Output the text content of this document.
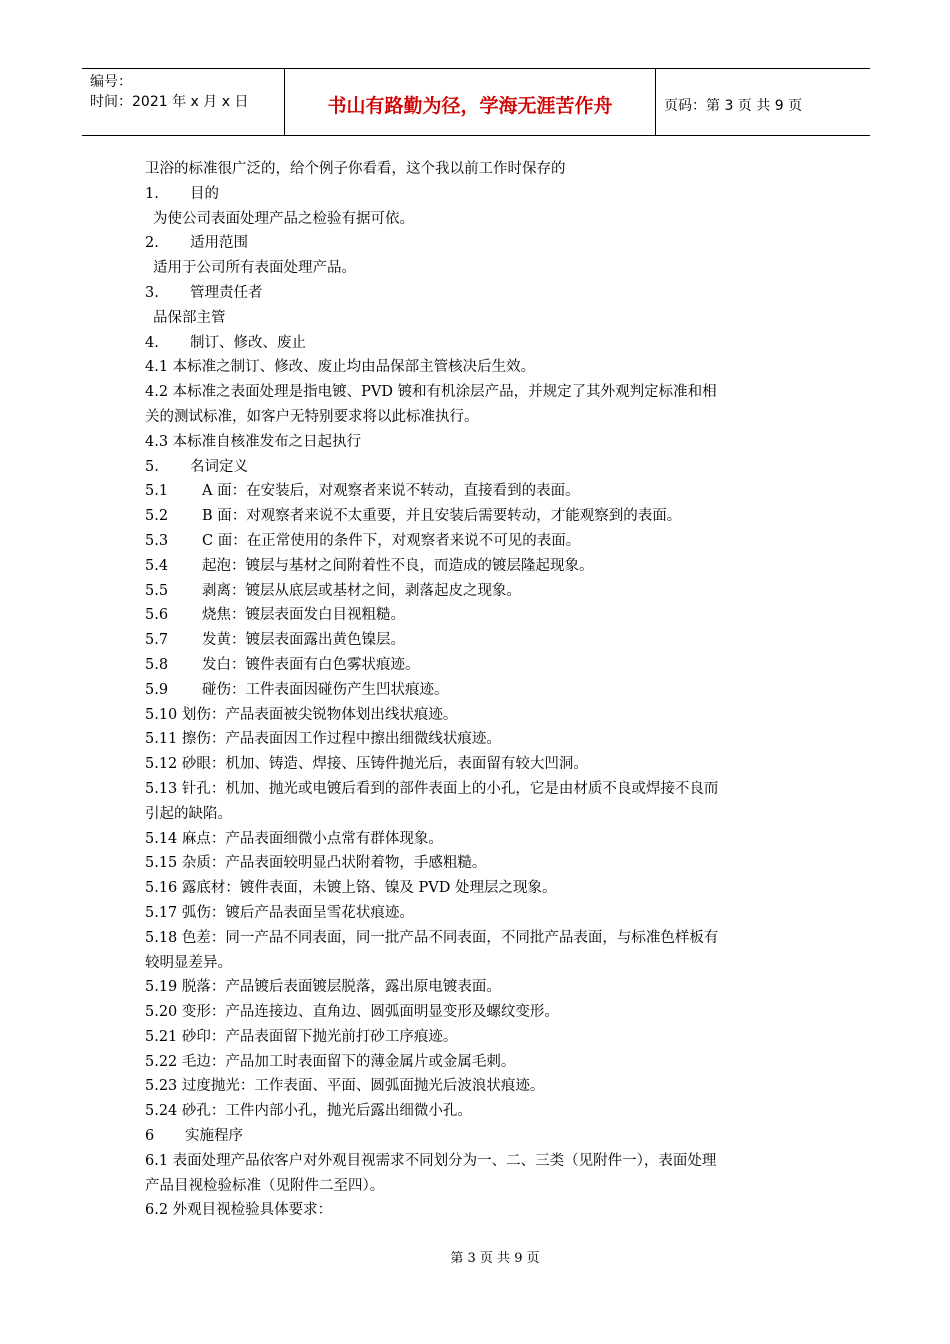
编号：
时间：2021 年 x 月 x 日	书山有路勤为径，学海无涯苦作舟	页码：第 3 页 共 9 页
卫浴的标准很广泛的，给个例子你看看，这个我以前工作时保存的
1. 目的
为使公司表面处理产品之检验有据可依。
2. 适用范围
适用于公司所有表面处理产品。
3. 管理责任者
品保部主管
4. 制订、修改、废止
4.1 本标准之制订、修改、废止均由品保部主管核决后生效。
4.2 本标准之表面处理是指电镀、PVD 镀和有机涂层产品，并规定了其外观判定标准和相
关的测试标准，如客户无特别要求将以此标准执行。
4.3 本标准自核准发布之日起执行
5. 名词定义
5.1 A 面：在安装后，对观察者来说不转动，直接看到的表面。
5.2 B 面：对观察者来说不太重要，并且安装后需要转动，才能观察到的表面。
5.3 C 面：在正常使用的条件下，对观察者来说不可见的表面。
5.4 起泡：镀层与基材之间附着性不良，而造成的镀层隆起现象。
5.5 剥离：镀层从底层或基材之间，剥落起皮之现象。
5.6 烧焦：镀层表面发白目视粗糙。
5.7 发黄：镀层表面露出黄色镍层。
5.8 发白：镀件表面有白色雾状痕迹。
5.9 碰伤：工件表面因碰伤产生凹状痕迹。
5.10 划伤：产品表面被尖锐物体划出线状痕迹。
5.11 擦伤：产品表面因工作过程中擦出细微线状痕迹。
5.12 砂眼：机加、铸造、焊接、压铸件抛光后，表面留有较大凹洞。
5.13 针孔：机加、抛光或电镀后看到的部件表面上的小孔，它是由材质不良或焊接不良而
引起的缺陷。
5.14 麻点：产品表面细微小点常有群体现象。
5.15 杂质：产品表面较明显凸状附着物，手感粗糙。
5.16 露底材：镀件表面，未镀上铬、镍及 PVD 处理层之现象。
5.17 弧伤：镀后产品表面呈雪花状痕迹。
5.18 色差：同一产品不同表面，同一批产品不同表面，不同批产品表面，与标准色样板有
较明显差异。
5.19 脱落：产品镀后表面镀层脱落，露出原电镀表面。
5.20 变形：产品连接边、直角边、圆弧面明显变形及螺纹变形。
5.21 砂印：产品表面留下抛光前打砂工序痕迹。
5.22 毛边：产品加工时表面留下的薄金属片或金属毛刺。
5.23 过度抛光：工作表面、平面、圆弧面抛光后波浪状痕迹。
5.24 砂孔：工件内部小孔，抛光后露出细微小孔。
6 实施程序
6.1 表面处理产品依客户对外观目视需求不同划分为一、二、三类（见附件一），表面处理
产品目视检验标准（见附件二至四）。
6.2 外观目视检验具体要求：
第 3 页 共 9 页
